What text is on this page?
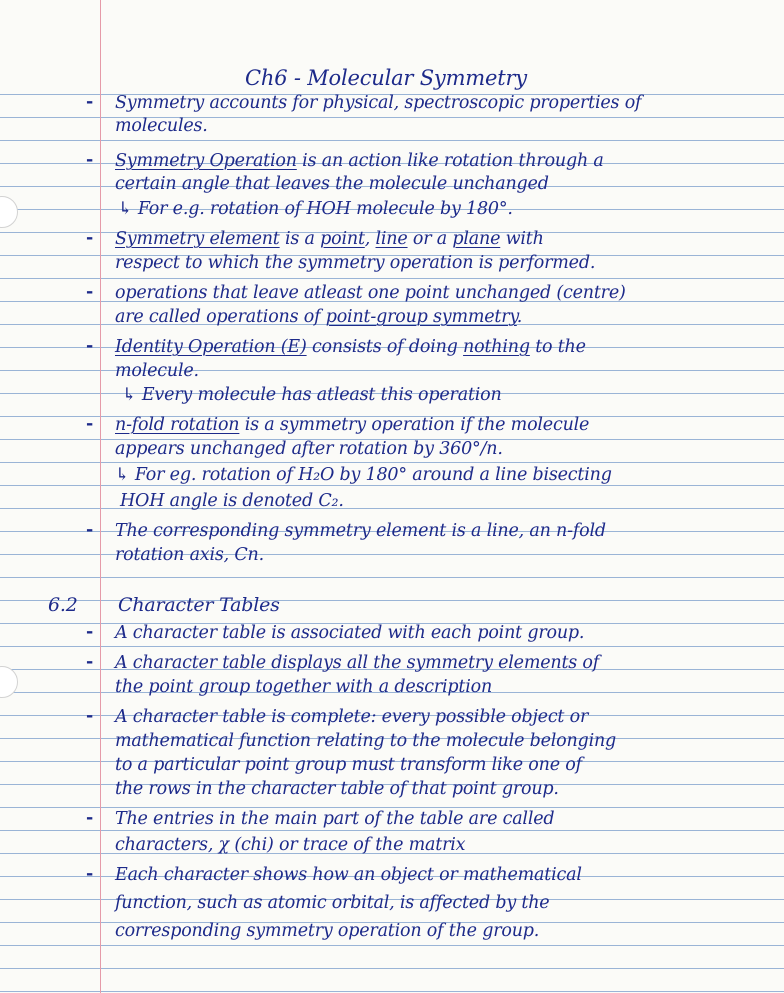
Ch6 - Molecular Symmetry
- Symmetry accounts for physical, spectroscopic properties of
molecules.
- Symmetry Operation is an action like rotation through a
certain angle that leaves the molecule unchanged
↳ For e.g. rotation of HOH molecule by 180°.
- Symmetry element is a point, line or a plane with
respect to which the symmetry operation is performed.
- operations that leave atleast one point unchanged (centre)
are called operations of point-group symmetry.
- Identity Operation (E) consists of doing nothing to the
molecule.
↳ Every molecule has atleast this operation
- n-fold rotation is a symmetry operation if the molecule
appears unchanged after rotation by 360°/n.
↳ For eg. rotation of H₂O by 180° around a line bisecting
HOH angle is denoted C₂.
- The corresponding symmetry element is a line, an n-fold
rotation axis, Cn.
6.2 Character Tables
- A character table is associated with each point group.
- A character table displays all the symmetry elements of
the point group together with a description
- A character table is complete: every possible object or
mathematical function relating to the molecule belonging
to a particular point group must transform like one of
the rows in the character table of that point group.
- The entries in the main part of the table are called
characters, χ (chi) or trace of the matrix
- Each character shows how an object or mathematical
function, such as atomic orbital, is affected by the
corresponding symmetry operation of the group.
